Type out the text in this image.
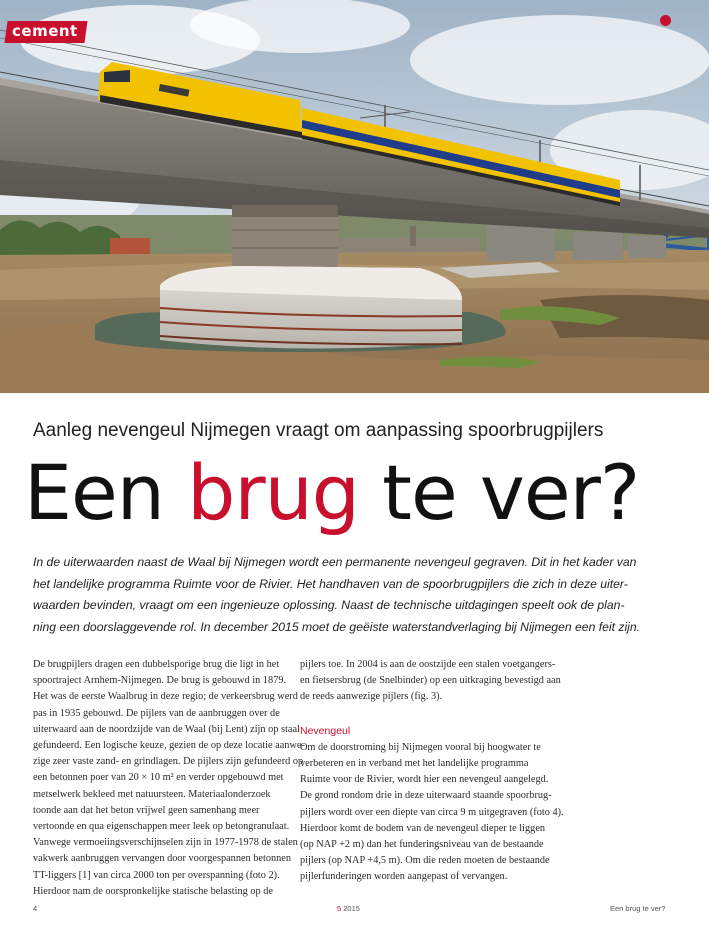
cement
Aanleg nevengeul Nijmegen vraagt om aanpassing spoorbrugpijlers
Een brug te ver?
In de uiterwaarden naast de Waal bij Nijmegen wordt een permanente nevengeul gegraven. Dit in het kader van
het landelijke programma Ruimte voor de Rivier. Het handhaven van de spoorbrugpijlers die zich in deze uiter-
waarden bevinden, vraagt om een ingenieuze oplossing. Naast de technische uitdagingen speelt ook de plan-
ning een doorslaggevende rol. In december 2015 moet de geëiste waterstandverlaging bij Nijmegen een feit zijn.
De brugpijlers dragen een dubbelsporige brug die ligt in het
spoortraject Arnhem-Nijmegen. De brug is gebouwd in 1879.
Het was de eerste Waalbrug in deze regio; de verkeersbrug werd
pas in 1935 gebouwd. De pijlers van de aanbruggen over de
uiterwaard aan de noordzijde van de Waal (bij Lent) zijn op staal
gefundeerd. Een logische keuze, gezien de op deze locatie aanwe-
zige zeer vaste zand- en grindlagen. De pijlers zijn gefundeerd op
een betonnen poer van 20 × 10 m² en verder opgebouwd met
metselwerk bekleed met natuursteen. Materiaalonderzoek
toonde aan dat het beton vrijwel geen samenhang meer
vertoonde en qua eigenschappen meer leek op betongranulaat.
Vanwege vermoeiingsverschijnselen zijn in 1977-1978 de stalen
vakwerk aanbruggen vervangen door voorgespannen betonnen
TT-liggers [1] van circa 2000 ton per overspanning (foto 2).
Hierdoor nam de oorspronkelijke statische belasting op de
pijlers toe. In 2004 is aan de oostzijde een stalen voetgangers-
en fietsersbrug (de Snelbinder) op een uitkraging bevestigd aan
de reeds aanwezige pijlers (fig. 3).
Nevengeul
Om de doorstroming bij Nijmegen vooral bij hoogwater te
verbeteren en in verband met het landelijke programma
Ruimte voor de Rivier, wordt hier een nevengeul aangelegd.
De grond rondom drie in deze uiterwaard staande spoorbrug-
pijlers wordt over een diepte van circa 9 m uitgegraven (foto 4).
Hierdoor komt de bodem van de nevengeul dieper te liggen
(op NAP +2 m) dan het funderingsniveau van de bestaande
pijlers (op NAP +4,5 m). Om die reden moeten de bestaande
pijlerfunderingen worden aangepast of vervangen.
4	5 2015	Een brug te ver?
